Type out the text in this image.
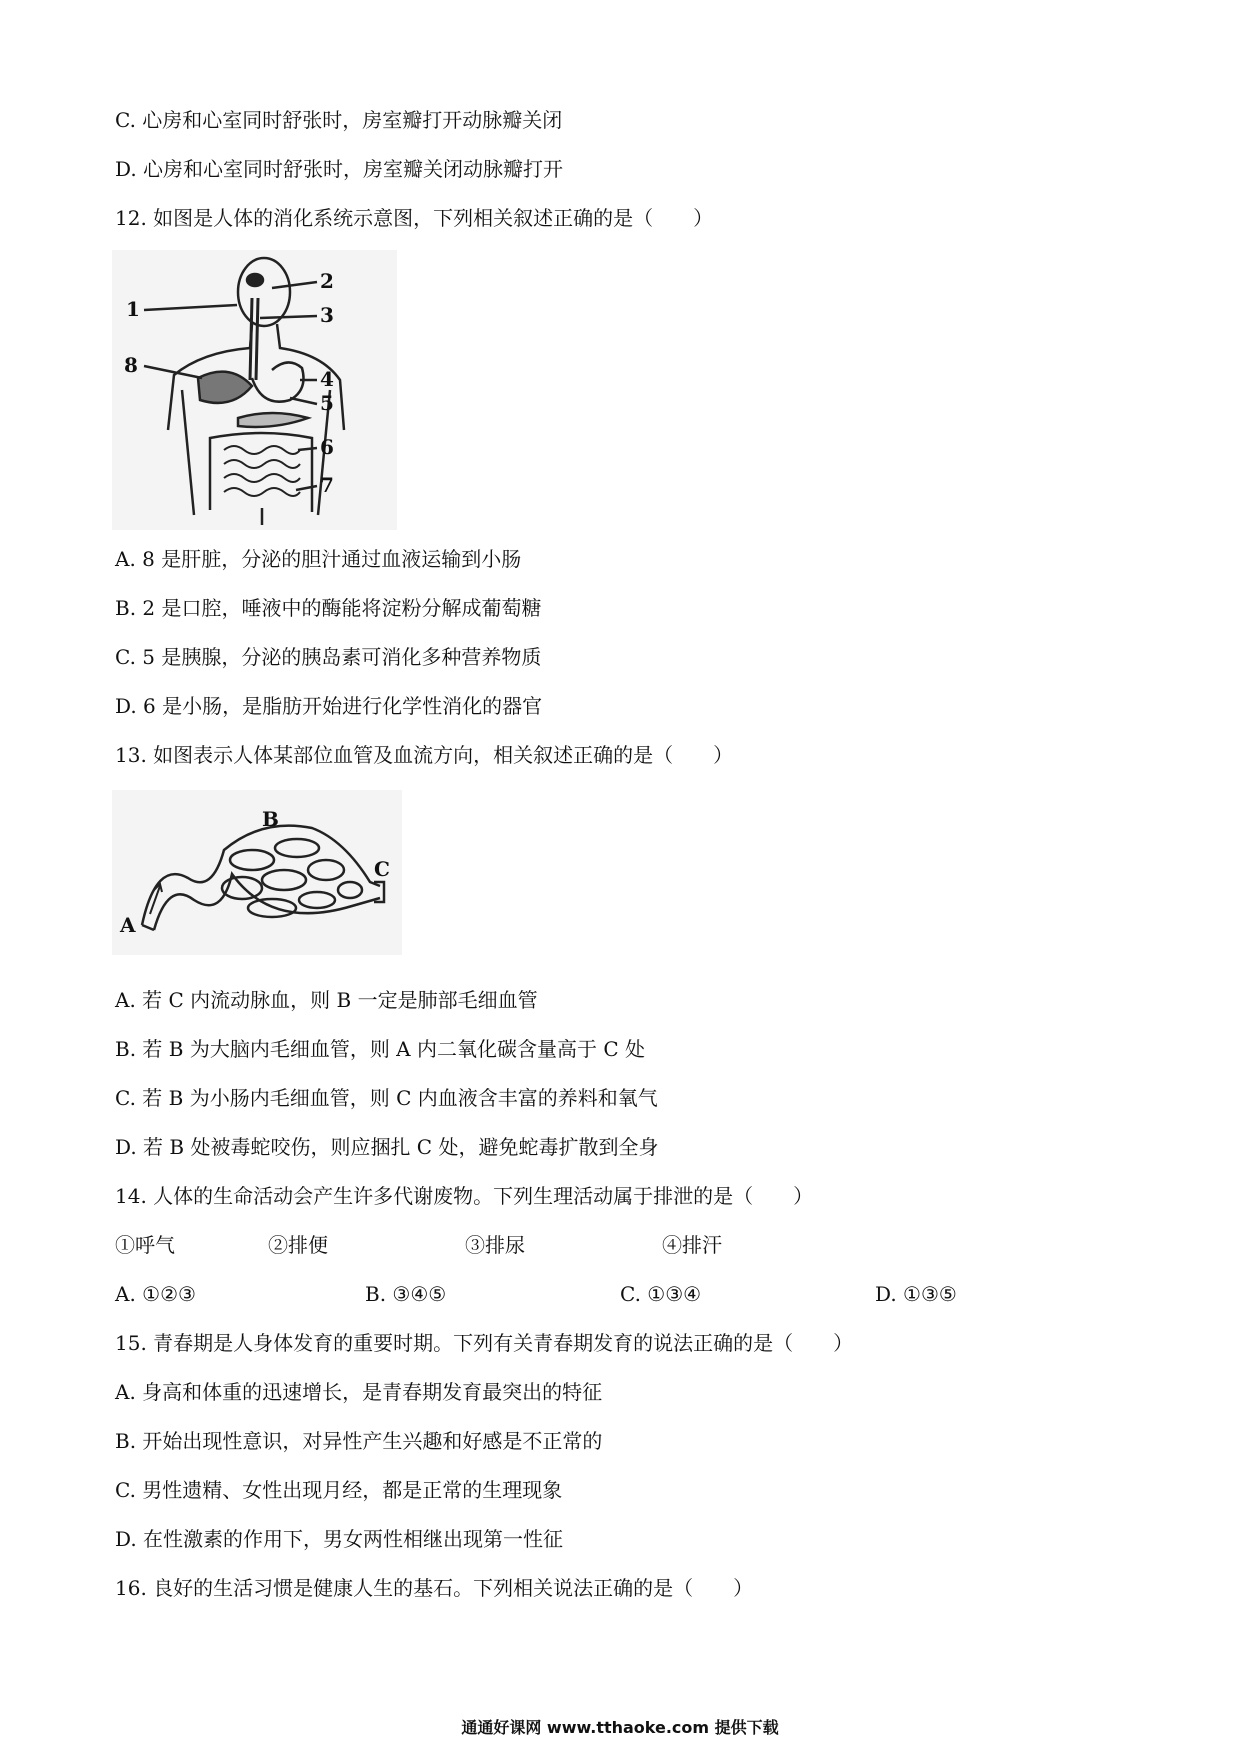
C. 心房和心室同时舒张时，房室瓣打开动脉瓣关闭
D. 心房和心室同时舒张时，房室瓣关闭动脉瓣打开
12. 如图是人体的消化系统示意图，下列相关叙述正确的是（　　）
1
2
3
4
5
6
7
8
A. 8 是肝脏，分泌的胆汁通过血液运输到小肠
B. 2 是口腔，唾液中的酶能将淀粉分解成葡萄糖
C. 5 是胰腺，分泌的胰岛素可消化多种营养物质
D. 6 是小肠，是脂肪开始进行化学性消化的器官
13. 如图表示人体某部位血管及血流方向，相关叙述正确的是（　　）
A
B
C
A. 若 C 内流动脉血，则 B 一定是肺部毛细血管
B. 若 B 为大脑内毛细血管，则 A 内二氧化碳含量高于 C 处
C. 若 B 为小肠内毛细血管，则 C 内血液含丰富的养料和氧气
D. 若 B 处被毒蛇咬伤，则应捆扎 C 处，避免蛇毒扩散到全身
14. 人体的生命活动会产生许多代谢废物。下列生理活动属于排泄的是（　　）
①呼气	②排便	③排尿	④排汗
A. ①②③	B. ③④⑤	C. ①③④	D. ①③⑤
15. 青春期是人身体发育的重要时期。下列有关青春期发育的说法正确的是（　　）
A. 身高和体重的迅速增长，是青春期发育最突出的特征
B. 开始出现性意识，对异性产生兴趣和好感是不正常的
C. 男性遗精、女性出现月经，都是正常的生理现象
D. 在性激素的作用下，男女两性相继出现第一性征
16. 良好的生活习惯是健康人生的基石。下列相关说法正确的是（　　）
通通好课网 www.tthaoke.com 提供下载
